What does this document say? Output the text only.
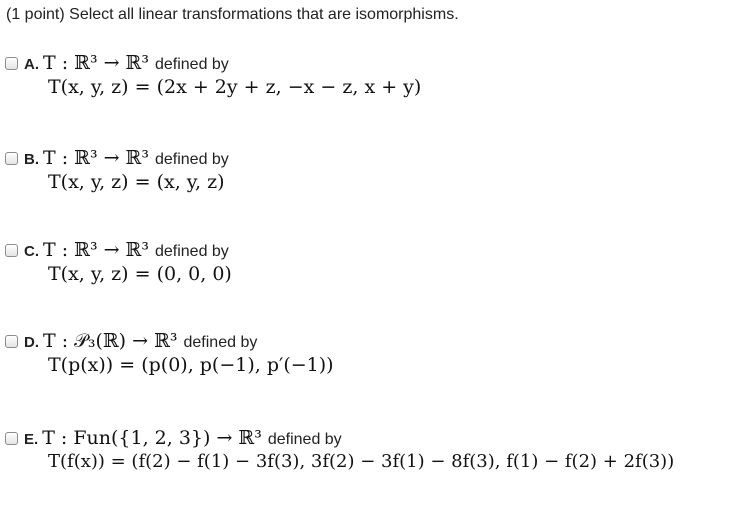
(1 point) Select all linear transformations that are isomorphisms.
A. T : ℝ³ → ℝ³ defined by
T(x, y, z) = (2x + 2y + z, −x − z, x + y)
B. T : ℝ³ → ℝ³ defined by
T(x, y, z) = (x, y, z)
C. T : ℝ³ → ℝ³ defined by
T(x, y, z) = (0, 0, 0)
D. T : 𝒫₃(ℝ) → ℝ³ defined by
T(p(x)) = (p(0), p(−1), p′(−1))
E. T : Fun({1, 2, 3}) → ℝ³ defined by
T(f(x)) = (f(2) − f(1) − 3f(3), 3f(2) − 3f(1) − 8f(3), f(1) − f(2) + 2f(3))
